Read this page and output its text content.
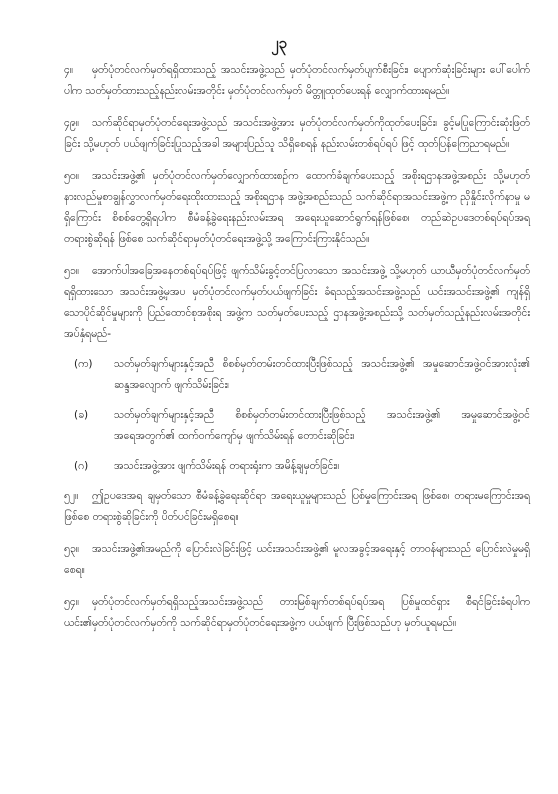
၂၃

၄။ မှတ်ပုံတင်လက်မှတ်ရရှိထားသည့် အသင်းအဖွဲ့သည် မှတ်ပုံတင်လက်မှတ်ပျက်စီးခြင်း၊ ပျောက်ဆုံးခြင်းများ ပေါ်ပေါက်ပါက သတ်မှတ်ထားသည့်နည်းလမ်းအတိုင်း မှတ်ပုံတင်လက်မှတ် မိတ္တူထုတ်ပေးရန် လျှောက်ထားရမည်။

၄၉။ သက်ဆိုင်ရာမှတ်ပုံတင်ရေးအဖွဲ့သည် အသင်းအဖွဲ့အား မှတ်ပုံတင်လက်မှတ်ကိုထုတ်ပေးခြင်း၊ ခွင့်မပြုကြောင်းဆုံးဖြတ်ခြင်း သို့မဟုတ် ပယ်ဖျက်ခြင်းပြုသည့်အခါ အများပြည်သူ သိရှိစေရန် နည်းလမ်းတစ်ရပ်ရပ် ဖြင့် ထုတ်ပြန်ကြေညာရမည်။

၅၀။ အသင်းအဖွဲ့၏ မှတ်ပုံတင်လက်မှတ်လျှောက်ထားစဉ်က ထောက်ခံချက်ပေးသည့် အစိုးရဌာနအဖွဲ့အစည်း သို့မဟုတ် နားလည်မှုစာချွန်လွှာလက်မှတ်ရေးထိုးထားသည့် အစိုးရဌာန အဖွဲ့အစည်းသည် သက်ဆိုင်ရာအသင်းအဖွဲ့က ညှိနှိုင်းလိုက်နာမှု မရှိကြောင်း စိစစ်တွေ့ရှိရပါက စီမံခန့်ခွဲရေးနည်းလမ်းအရ အရေးယူဆောင်ရွက်ရန်ဖြစ်စေ၊ တည်ဆဲဥပဒေတစ်ရပ်ရပ်အရ တရားစွဲဆိုရန် ဖြစ်စေ သက်ဆိုင်ရာမှတ်ပုံတင်ရေးအဖွဲ့သို့ အကြောင်းကြားနိုင်သည်။

၅၁။ အောက်ပါအခြေအနေတစ်ရပ်ရပ်ဖြင့် ဖျက်သိမ်းခွင့်တင်ပြလာသော အသင်းအဖွဲ့ သို့မဟုတ် ယာယီမှတ်ပုံတင်လက်မှတ်ရရှိထားသော အသင်းအဖွဲ့မှအပ မှတ်ပုံတင်လက်မှတ်ပယ်ဖျက်ခြင်း ခံရသည့်အသင်းအဖွဲ့သည် ယင်းအသင်းအဖွဲ့၏ ကျန်ရှိသောပိုင်ဆိုင်မှုများကို ပြည်ထောင်စုအစိုးရ အဖွဲ့က သတ်မှတ်ပေးသည့် ဌာနအဖွဲ့အစည်းသို့ သတ်မှတ်သည့်နည်းလမ်းအတိုင်း အပ်နှံရမည်-

(က) သတ်မှတ်ချက်များနှင့်အညီ စိစစ်မှတ်တမ်းတင်ထားပြီးဖြစ်သည့် အသင်းအဖွဲ့၏ အမှုဆောင်အဖွဲ့ဝင်အားလုံး၏ ဆန္ဒအလျောက် ဖျက်သိမ်းခြင်း၊

(ခ) သတ်မှတ်ချက်များနှင့်အညီ စိစစ်မှတ်တမ်းတင်ထားပြီးဖြစ်သည့် အသင်းအဖွဲ့၏ အမှုဆောင်အဖွဲ့ဝင်အရေအတွက်၏ ထက်ဝက်ကျော်မှ ဖျက်သိမ်းရန် တောင်းဆိုခြင်း၊

(ဂ) အသင်းအဖွဲ့အား ဖျက်သိမ်းရန် တရားရုံးက အမိန့်ချမှတ်ခြင်း။

၅၂။ ဤဥပဒေအရ ချမှတ်သော စီမံခန့်ခွဲရေးဆိုင်ရာ အရေးယူမှုများသည် ပြစ်မှုကြောင်းအရ ဖြစ်စေ၊ တရားမကြောင်းအရဖြစ်စေ တရားစွဲဆိုခြင်းကို ပိတ်ပင်ခြင်းမရှိစေရ။

၅၃။ အသင်းအဖွဲ့၏အမည်ကို ပြောင်းလဲခြင်းဖြင့် ယင်းအသင်းအဖွဲ့၏ မူလအခွင့်အရေးနှင့် တာဝန်များသည် ပြောင်းလဲမှုမရှိစေရ။

၅၄။ မှတ်ပုံတင်လက်မှတ်ရရှိသည့်အသင်းအဖွဲ့သည် တားမြစ်ချက်တစ်ရပ်ရပ်အရ ပြစ်မှုထင်ရှား စီရင်ခြင်းခံရပါက ယင်း၏မှတ်ပုံတင်လက်မှတ်ကို သက်ဆိုင်ရာမှတ်ပုံတင်ရေးအဖွဲ့က ပယ်ဖျက် ပြီးဖြစ်သည်ဟု မှတ်ယူရမည်။
